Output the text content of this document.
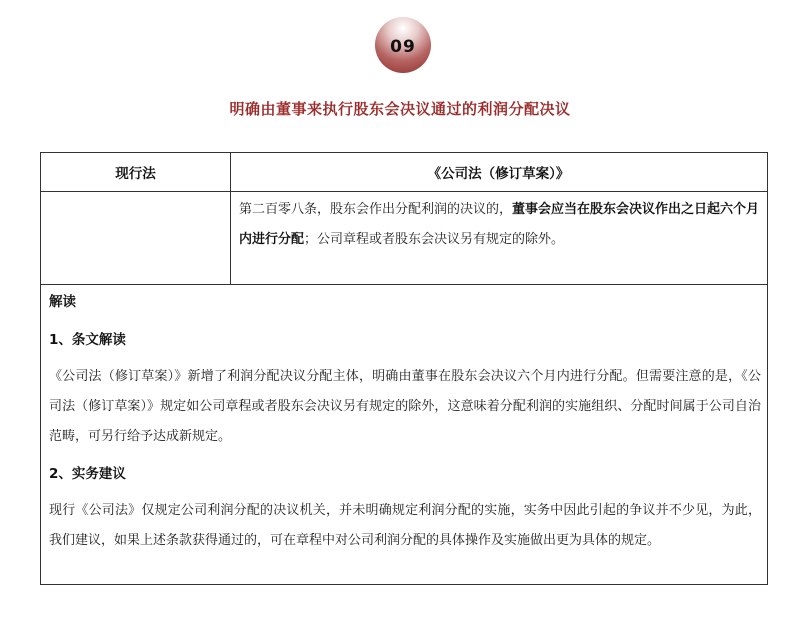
09
明确由董事来执行股东会决议通过的利润分配决议
现行法	《公司法（修订草案）》
第二百零八条，股东会作出分配利润的决议的，董事会应当在股东会决议作出之日起六个月内进行分配；公司章程或者股东会决议另有规定的除外。
解读
1、条文解读
《公司法（修订草案）》新增了利润分配决议分配主体，明确由董事在股东会决议六个月内进行分配。但需要注意的是，《公司法（修订草案）》规定如公司章程或者股东会决议另有规定的除外，这意味着分配利润的实施组织、分配时间属于公司自治范畴，可另行给予达成新规定。
2、实务建议
现行《公司法》仅规定公司利润分配的决议机关，并未明确规定利润分配的实施，实务中因此引起的争议并不少见，为此，我们建议，如果上述条款获得通过的，可在章程中对公司利润分配的具体操作及实施做出更为具体的规定。
